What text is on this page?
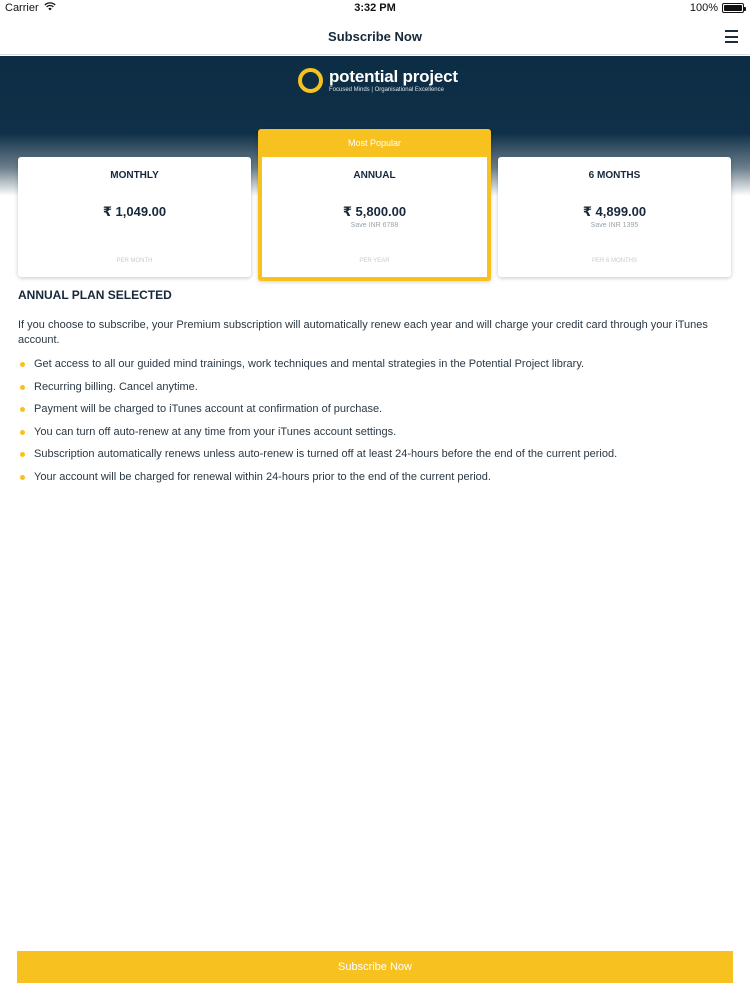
Carrier	3:32 PM	100%
Subscribe Now
potential project
Focused Minds | Organisational Excellence
MONTHLY
₹ 1,049.00
PER MONTH
Most Popular
ANNUAL
₹ 5,800.00
Save INR 6788
PER YEAR
6 MONTHS
₹ 4,899.00
Save INR 1395
PER 6 MONTHS
ANNUAL PLAN SELECTED

If you choose to subscribe, your Premium subscription will automatically renew each year and will charge your credit card through your iTunes account.

Get access to all our guided mind trainings, work techniques and mental strategies in the Potential Project library.
Recurring billing. Cancel anytime.
Payment will be charged to iTunes account at confirmation of purchase.
You can turn off auto-renew at any time from your iTunes account settings.
Subscription automatically renews unless auto-renew is turned off at least 24-hours before the end of the current period.
Your account will be charged for renewal within 24-hours prior to the end of the current period.
Subscribe Now
